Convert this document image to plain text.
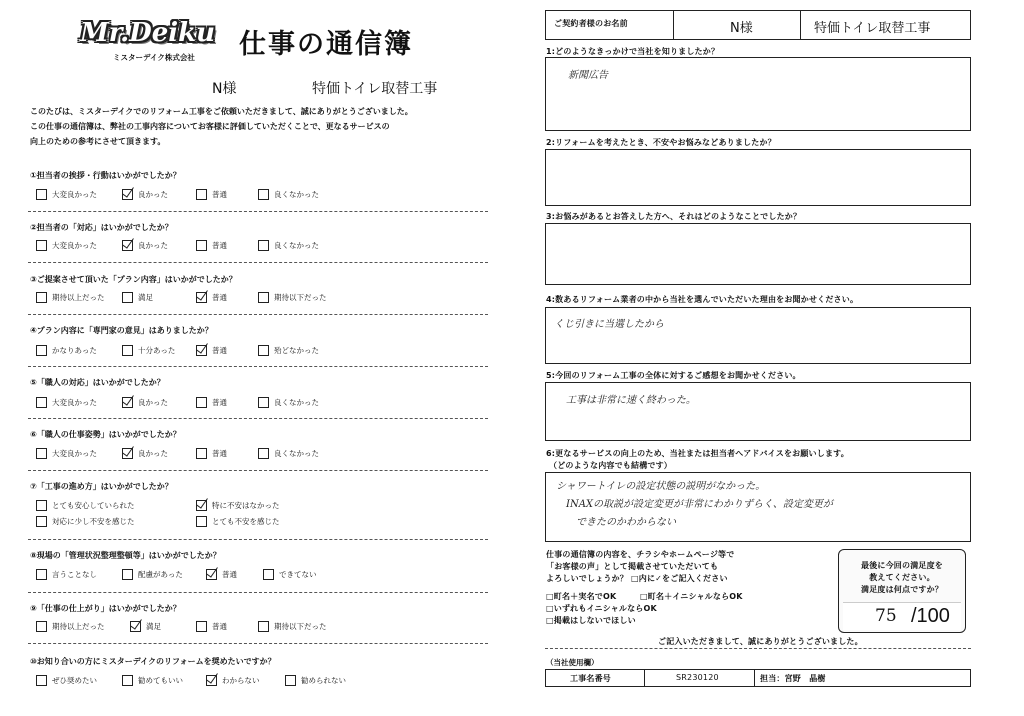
Mr.Deiku 仕事の通信簿
ミスターデイク株式会社
N様	特価トイレ取替工事
このたびは、ミスターデイクでのリフォーム工事をご依頼いただきまして、誠にありがとうございました。
この仕事の通信簿は、弊社の工事内容についてお客様に評価していただくことで、更なるサービスの
向上のための参考にさせて頂きます。
①担当者の挨拶・行動はいかがでしたか？
大変良かった	良かった	普通	良くなかった
②担当者の「対応」はいかがでしたか？
大変良かった	良かった	普通	良くなかった
③ご提案させて頂いた「プラン内容」はいかがでしたか？
期待以上だった	満足	普通	期待以下だった
④プラン内容に「専門家の意見」はありましたか？
かなりあった	十分あった	普通	殆どなかった
⑤「職人の対応」はいかがでしたか？
大変良かった	良かった	普通	良くなかった
⑥「職人の仕事姿勢」はいかがでしたか？
大変良かった	良かった	普通	良くなかった
⑦「工事の進め方」はいかがでしたか？
とても安心していられた	特に不安はなかった
対応に少し不安を感じた	とても不安を感じた
⑧現場の「管理状況整理整頓等」はいかがでしたか？
言うことなし	配慮があった	普通	できてない
⑨「仕事の仕上がり」はいかがでしたか？
期待以上だった	満足	普通	期待以下だった
⑩お知り合いの方にミスターデイクのリフォームを奨めたいですか？
ぜひ奨めたい	勧めてもいい	わからない	勧められない
ご契約者様のお名前	N様	特価トイレ取替工事
1:どのようなきっかけで当社を知りましたか？
新聞広告
2:リフォームを考えたとき、不安やお悩みなどありましたか？
3:お悩みがあるとお答えした方へ、それはどのようなことでしたか？
4:数あるリフォーム業者の中から当社を選んでいただいた理由をお聞かせください。
くじ引きに当選したから
5:今回のリフォーム工事の全体に対するご感想をお聞かせください。
工事は非常に速く終わった。
6:更なるサービスの向上のため、当社または担当者へアドバイスをお願いします。
（どのような内容でも結構です）
シャワートイレの設定状態の説明がなかった。
INAXの取説が設定変更が非常にわかりずらく、設定変更が
できたのかわからない
仕事の通信簿の内容を、チラシやホームページ等で
「お客様の声」として掲載させていただいても
よろしいでしょうか？ □内に✓をご記入ください
□町名＋実名でOK	□町名＋イニシャルならOK
□いずれもイニシャルならOK
□掲載はしないでほしい
最後に今回の満足度を
教えてください。
満足度は何点ですか？
75 /100
ご記入いただきまして、誠にありがとうございました。
（当社使用欄）
工事名番号	SR230120	担当：宮野　晶樹
